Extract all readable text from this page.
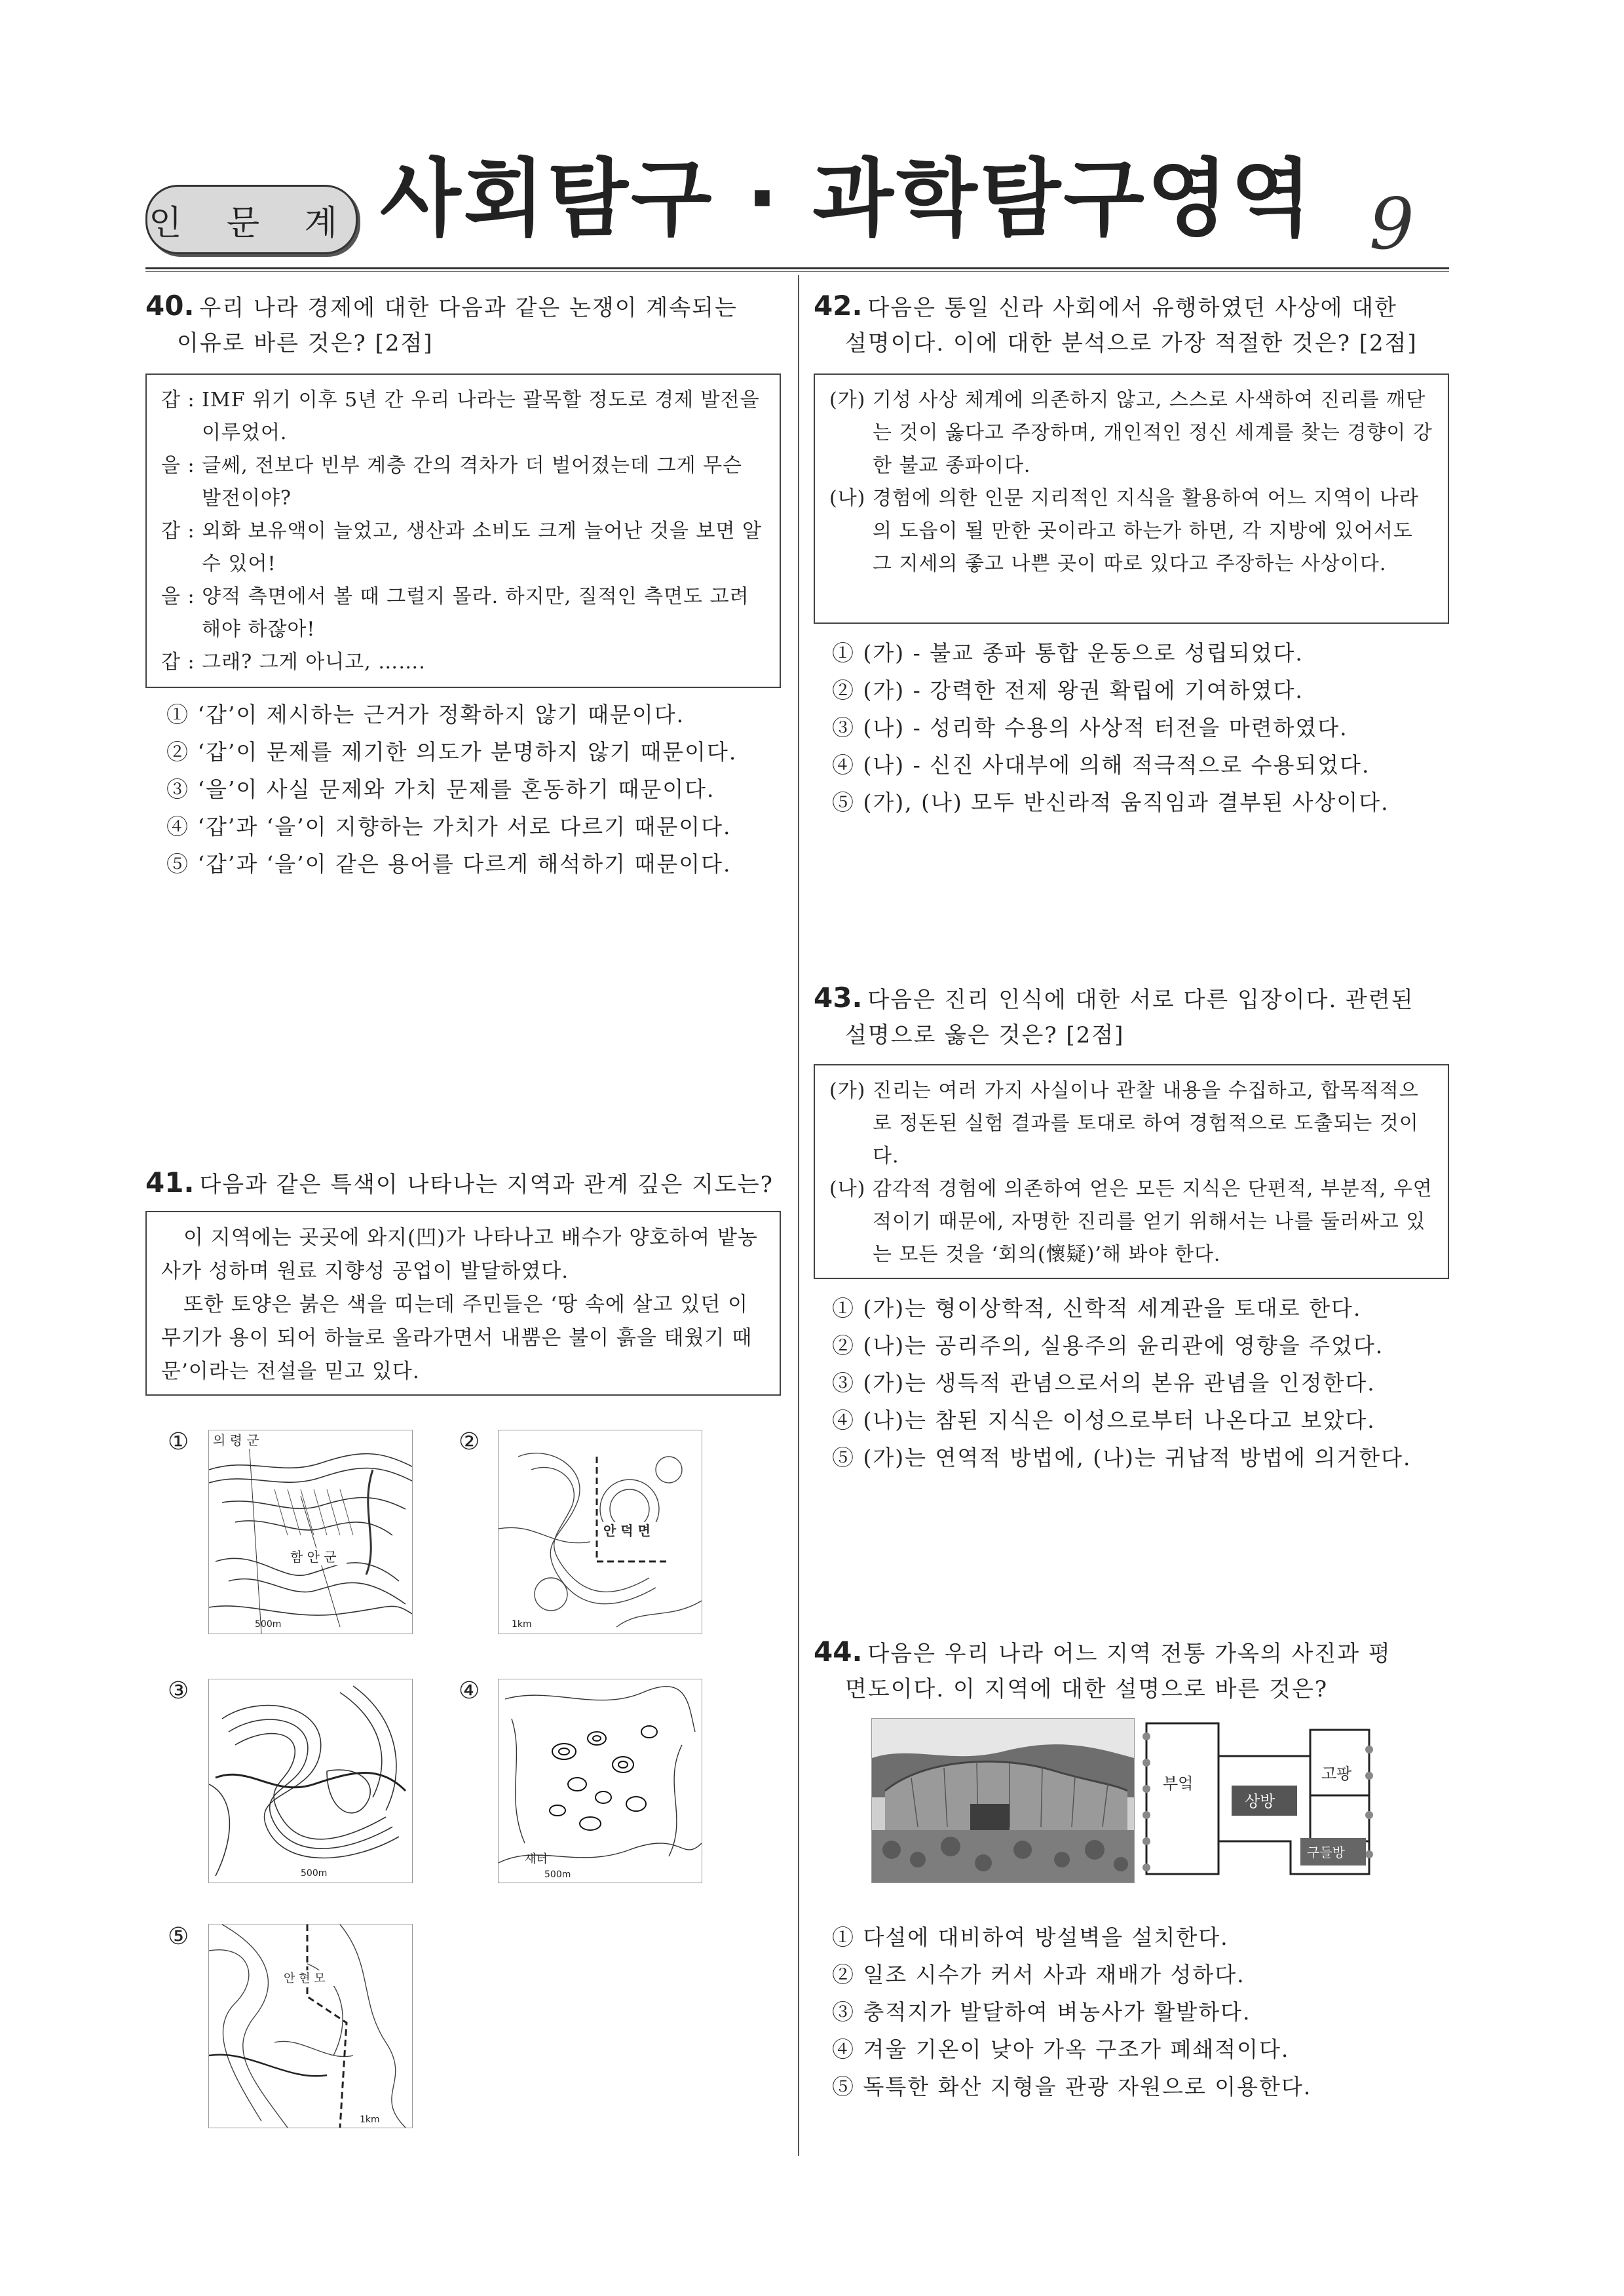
인 문 계 사회탐구 · 과학탐구영역 9
40. 우리 나라 경제에 대한 다음과 같은 논쟁이 계속되는
이유로 바른 것은? [2점]
갑 : IMF 위기 이후 5년 간 우리 나라는 괄목할 정도로 경제 발전을 이루었어.
을 : 글쎄, 전보다 빈부 계층 간의 격차가 더 벌어졌는데 그게 무슨 발전이야?
갑 : 외화 보유액이 늘었고, 생산과 소비도 크게 늘어난 것을 보면 알 수 있어!
을 : 양적 측면에서 볼 때 그럴지 몰라. 하지만, 질적인 측면도 고려해야 하잖아!
갑 : 그래? 그게 아니고, …….
① ‘갑’이 제시하는 근거가 정확하지 않기 때문이다.
② ‘갑’이 문제를 제기한 의도가 분명하지 않기 때문이다.
③ ‘을’이 사실 문제와 가치 문제를 혼동하기 때문이다.
④ ‘갑’과 ‘을’이 지향하는 가치가 서로 다르기 때문이다.
⑤ ‘갑’과 ‘을’이 같은 용어를 다르게 해석하기 때문이다.
41. 다음과 같은 특색이 나타나는 지역과 관계 깊은 지도는?
이 지역에는 곳곳에 와지(凹)가 나타나고 배수가 양호하여 밭농사가 성하며 원료 지향성 공업이 발달하였다.
또한 토양은 붉은 색을 띠는데 주민들은 ‘땅 속에 살고 있던 이무기가 용이 되어 하늘로 올라가면서 내뿜은 불이 흙을 태웠기 때문’이라는 전설을 믿고 있다.
①	②
③	④
⑤
의 령 군
함 안 군
500m
안 덕 면
1km
500m
새터
500m
안 현 모
1km
42. 다음은 통일 신라 사회에서 유행하였던 사상에 대한
설명이다. 이에 대한 분석으로 가장 적절한 것은? [2점]
(가) 기성 사상 체계에 의존하지 않고, 스스로 사색하여 진리를 깨닫는 것이 옳다고 주장하며, 개인적인 정신 세계를 찾는 경향이 강한 불교 종파이다.
(나) 경험에 의한 인문 지리적인 지식을 활용하여 어느 지역이 나라의 도읍이 될 만한 곳이라고 하는가 하면, 각 지방에 있어서도 그 지세의 좋고 나쁜 곳이 따로 있다고 주장하는 사상이다.
① (가) - 불교 종파 통합 운동으로 성립되었다.
② (가) - 강력한 전제 왕권 확립에 기여하였다.
③ (나) - 성리학 수용의 사상적 터전을 마련하였다.
④ (나) - 신진 사대부에 의해 적극적으로 수용되었다.
⑤ (가), (나) 모두 반신라적 움직임과 결부된 사상이다.
43. 다음은 진리 인식에 대한 서로 다른 입장이다. 관련된
설명으로 옳은 것은? [2점]
(가) 진리는 여러 가지 사실이나 관찰 내용을 수집하고, 합목적적으로 정돈된 실험 결과를 토대로 하여 경험적으로 도출되는 것이다.
(나) 감각적 경험에 의존하여 얻은 모든 지식은 단편적, 부분적, 우연적이기 때문에, 자명한 진리를 얻기 위해서는 나를 둘러싸고 있는 모든 것을 ‘회의(懷疑)’해 봐야 한다.
① (가)는 형이상학적, 신학적 세계관을 토대로 한다.
② (나)는 공리주의, 실용주의 윤리관에 영향을 주었다.
③ (가)는 생득적 관념으로서의 본유 관념을 인정한다.
④ (나)는 참된 지식은 이성으로부터 나온다고 보았다.
⑤ (가)는 연역적 방법에, (나)는 귀납적 방법에 의거한다.
44. 다음은 우리 나라 어느 지역 전통 가옥의 사진과 평
면도이다. 이 지역에 대한 설명으로 바른 것은?
부엌
상방
고팡
구들방
① 다설에 대비하여 방설벽을 설치한다.
② 일조 시수가 커서 사과 재배가 성하다.
③ 충적지가 발달하여 벼농사가 활발하다.
④ 겨울 기온이 낮아 가옥 구조가 폐쇄적이다.
⑤ 독특한 화산 지형을 관광 자원으로 이용한다.
